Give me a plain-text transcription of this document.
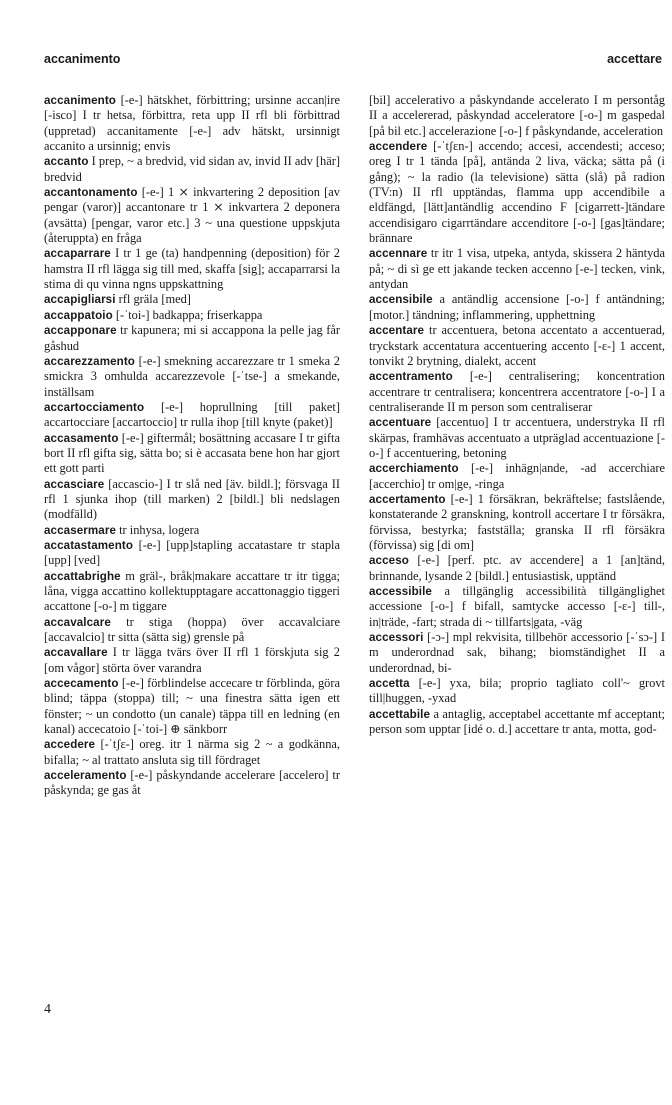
accanimento	accettare

accanimento [-e-] hätskhet, förbittring; ursinne accan|ire [-isco] I tr hetsa, förbittra, reta upp II rfl bli förbittrad (uppretad) accanitamente [-e-] adv hätskt, ursinnigt accanito a ursinnig; envis

accanto I prep, ~ a bredvid, vid sidan av, invid II adv [här] bredvid

accantonamento [-e-] 1 ⨯ inkvartering 2 deposition [av pengar (varor)] accantonare tr 1 ⨯ inkvartera 2 deponera (avsätta) [pengar, varor etc.] 3 ~ una questione uppskjuta (återuppta) en fråga

accaparrare I tr 1 ge (ta) handpenning (deposition) för 2 hamstra II rfl lägga sig till med, skaffa [sig]; accaparrarsi la stima di qu vinna ngns uppskattning

accapigliarsi rfl gräla [med]

accappatoio [-ˈtoi-] badkappa; friserkappa

accapponare tr kapunera; mi si accappona la pelle jag får gåshud

accarezzamento [-e-] smekning accarezzare tr 1 smeka 2 smickra 3 omhulda accarezzevole [-ˈtse-] a smekande, inställsam

accartocciamento [-e-] hoprullning [till paket] accartocciare [accartoccio] tr rulla ihop [till knyte (paket)]

accasamento [-e-] giftermål; bosättning accasare I tr gifta bort II rfl gifta sig, sätta bo; si è accasata bene hon har gjort ett gott parti

accasciare [accascio-] I tr slå ned [äv. bildl.]; försvaga II rfl 1 sjunka ihop (till marken) 2 [bildl.] bli nedslagen (modfälld)

accasermare tr inhysa, logera

accatastamento [-e-] [upp]stapling accatastare tr stapla [upp] [ved]

accattabrighe m gräl-, bråk|makare accattare tr itr tigga; låna, vigga accattino kollektupptagare accattonaggio tiggeri accattone [-o-] m tiggare

accavalcare tr stiga (hoppa) över accavalciare [accavalcio] tr sitta (sätta sig) grensle på

accavallare I tr lägga tvärs över II rfl 1 förskjuta sig 2 [om vågor] störta över varandra

accecamento [-e-] förblindelse accecare tr förblinda, göra blind; täppa (stoppa) till; ~ una finestra sätta igen ett fönster; ~ un condotto (un canale) täppa till en ledning (en kanal) accecatoio [-ˈtoi-] ⊕ sänkborr

accedere [-ˈtʃɛ-] oreg. itr 1 närma sig 2 ~ a godkänna, bifalla; ~ al trattato ansluta sig till fördraget

acceleramento [-e-] påskyndande accelerare [accelero] tr påskynda; ge gas åt

[bil] accelerativo a påskyndande accelerato I m persontåg II a accelererad, påskyndad acceleratore [-o-] m gaspedal [på bil etc.] accelerazione [-o-] f påskyndande, acceleration

accendere [-ˈtʃɛn-] accendo; accesi, accendesti; acceso; oreg I tr 1 tända [på], antända 2 liva, väcka; sätta på (i gång); ~ la radio (la televisione) sätta (slå) på radion (TV:n) II rfl upptändas, flamma upp accendibile a eldfängd, [lätt]antändlig accendino F [cigarrett-]tändare accendisigaro cigarrtändare accenditore [-o-] [gas]tändare; brännare

accennare tr itr 1 visa, utpeka, antyda, skissera 2 häntyda på; ~ di sì ge ett jakande tecken accenno [-e-] tecken, vink, antydan

accensibile a antändlig accensione [-o-] f antändning; [motor.] tändning; inflammering, upphettning

accentare tr accentuera, betona accentato a accentuerad, tryckstark accentatura accentuering accento [-ɛ-] 1 accent, tonvikt 2 brytning, dialekt, accent

accentramento [-e-] centralisering; koncentration accentrare tr centralisera; koncentrera accentratore [-o-] I a centraliserande II m person som centraliserar

accentuare [accentuo] I tr accentuera, understryka II rfl skärpas, framhävas accentuato a utpräglad accentuazione [-o-] f accentuering, betoning

accerchiamento [-e-] inhägn|ande, -ad accerchiare [accerchio] tr om|ge, -ringa

accertamento [-e-] 1 försäkran, bekräftelse; fastslående, konstaterande 2 granskning, kontroll accertare I tr försäkra, förvissa, bestyrka; fastställa; granska II rfl försäkra (förvissa) sig [di om]

acceso [-e-] [perf. ptc. av accendere] a 1 [an]tänd, brinnande, lysande 2 [bildl.] entusiastisk, upptänd

accessibile a tillgänglig accessibilità tillgänglighet accessione [-o-] f bifall, samtycke accesso [-ɛ-] till-, in|träde, -fart; strada di ~ tillfarts|gata, -väg

accessori [-ɔ-] mpl rekvisita, tillbehör accessorio [-ˈsɔ-] I m underordnad sak, bihang; biomständighet II a underordnad, bi-

accetta [-e-] yxa, bila; proprio tagliato coll'~ grovt till|huggen, -yxad

accettabile a antaglig, acceptabel accettante mf acceptant; person som upptar [idé o. d.] accettare tr anta, motta, god-

4
